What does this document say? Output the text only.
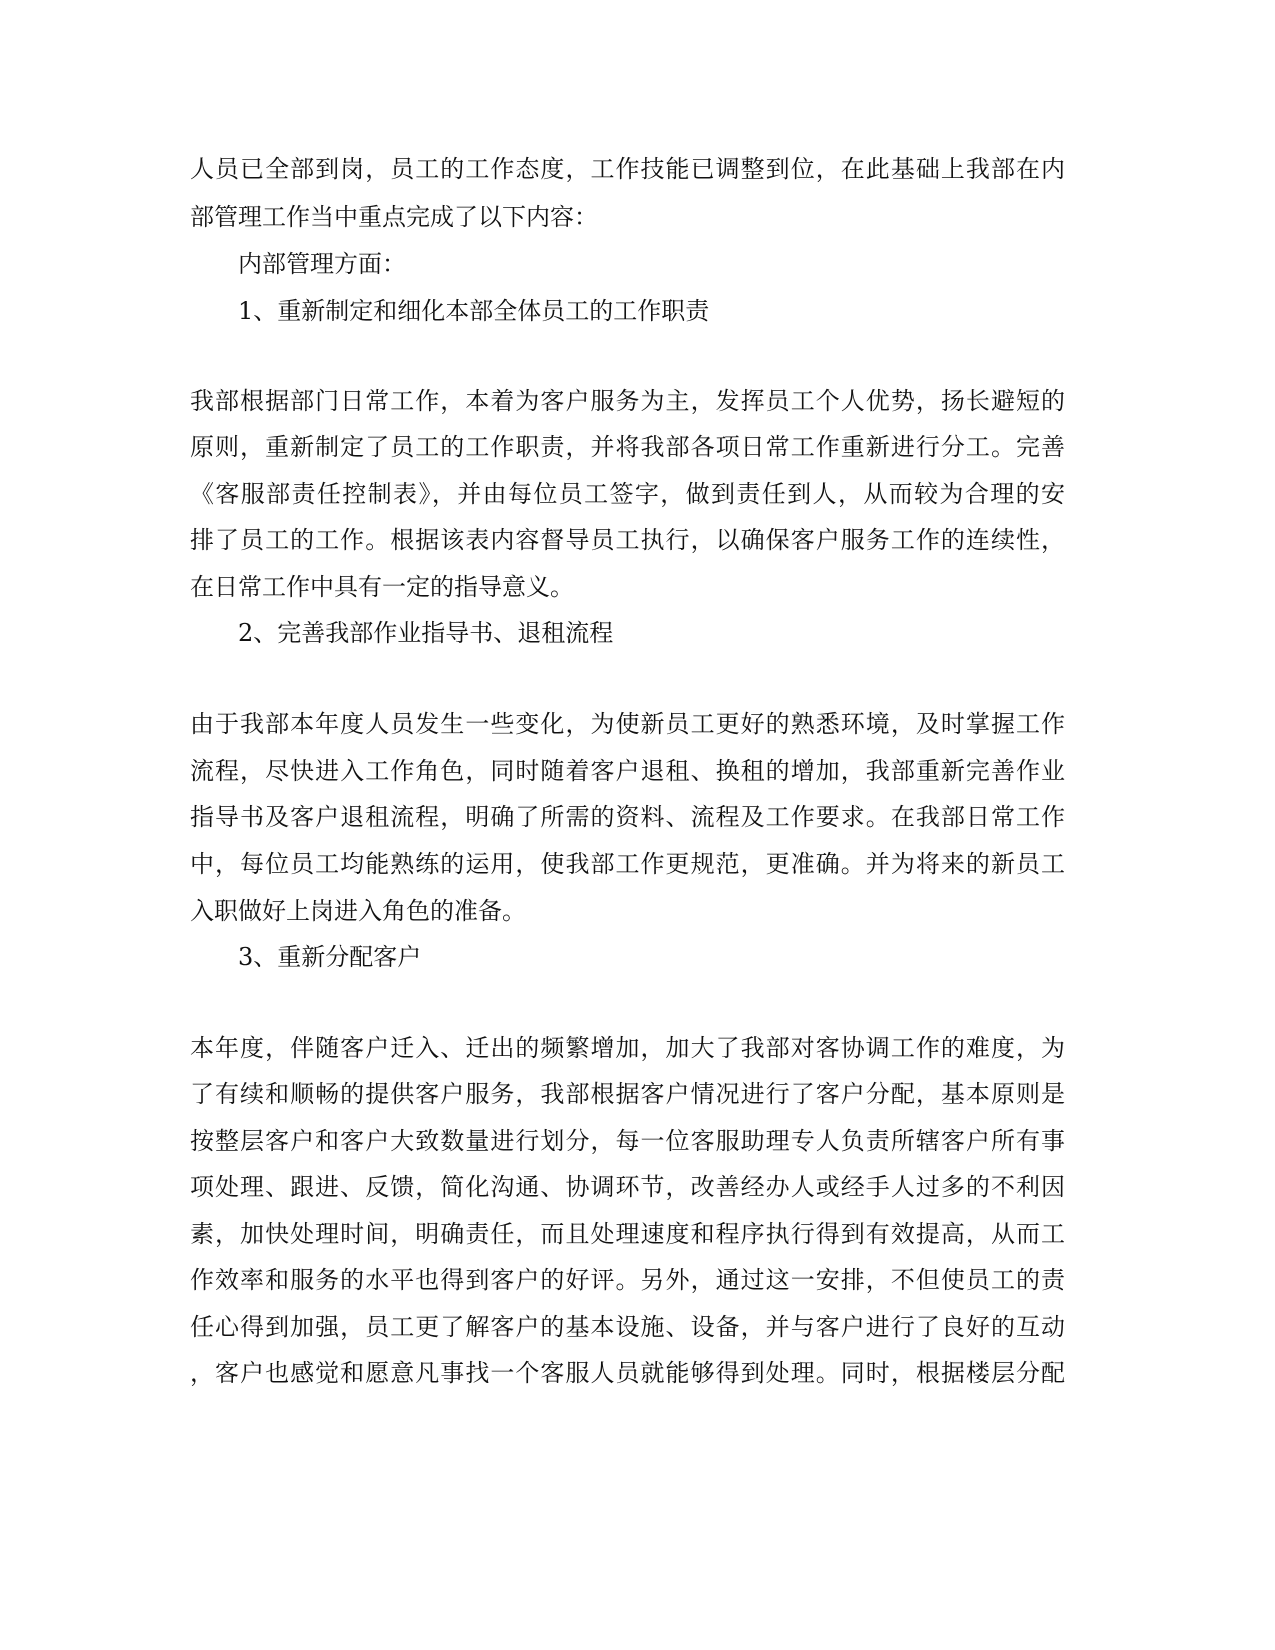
人员已全部到岗，员工的工作态度，工作技能已调整到位，在此基础上我部在内
部管理工作当中重点完成了以下内容：
内部管理方面：
1、重新制定和细化本部全体员工的工作职责
我部根据部门日常工作，本着为客户服务为主，发挥员工个人优势，扬长避短的
原则，重新制定了员工的工作职责，并将我部各项日常工作重新进行分工。完善
《客服部责任控制表》，并由每位员工签字，做到责任到人，从而较为合理的安
排了员工的工作。根据该表内容督导员工执行，以确保客户服务工作的连续性，
在日常工作中具有一定的指导意义。
2、完善我部作业指导书、退租流程
由于我部本年度人员发生一些变化，为使新员工更好的熟悉环境，及时掌握工作
流程，尽快进入工作角色，同时随着客户退租、换租的增加，我部重新完善作业
指导书及客户退租流程，明确了所需的资料、流程及工作要求。在我部日常工作
中，每位员工均能熟练的运用，使我部工作更规范，更准确。并为将来的新员工
入职做好上岗进入角色的准备。
3、重新分配客户
本年度，伴随客户迁入、迁出的频繁增加，加大了我部对客协调工作的难度，为
了有续和顺畅的提供客户服务，我部根据客户情况进行了客户分配，基本原则是
按整层客户和客户大致数量进行划分，每一位客服助理专人负责所辖客户所有事
项处理、跟进、反馈，简化沟通、协调环节，改善经办人或经手人过多的不利因
素，加快处理时间，明确责任，而且处理速度和程序执行得到有效提高，从而工
作效率和服务的水平也得到客户的好评。另外，通过这一安排，不但使员工的责
任心得到加强，员工更了解客户的基本设施、设备，并与客户进行了良好的互动
，客户也感觉和愿意凡事找一个客服人员就能够得到处理。同时，根据楼层分配
